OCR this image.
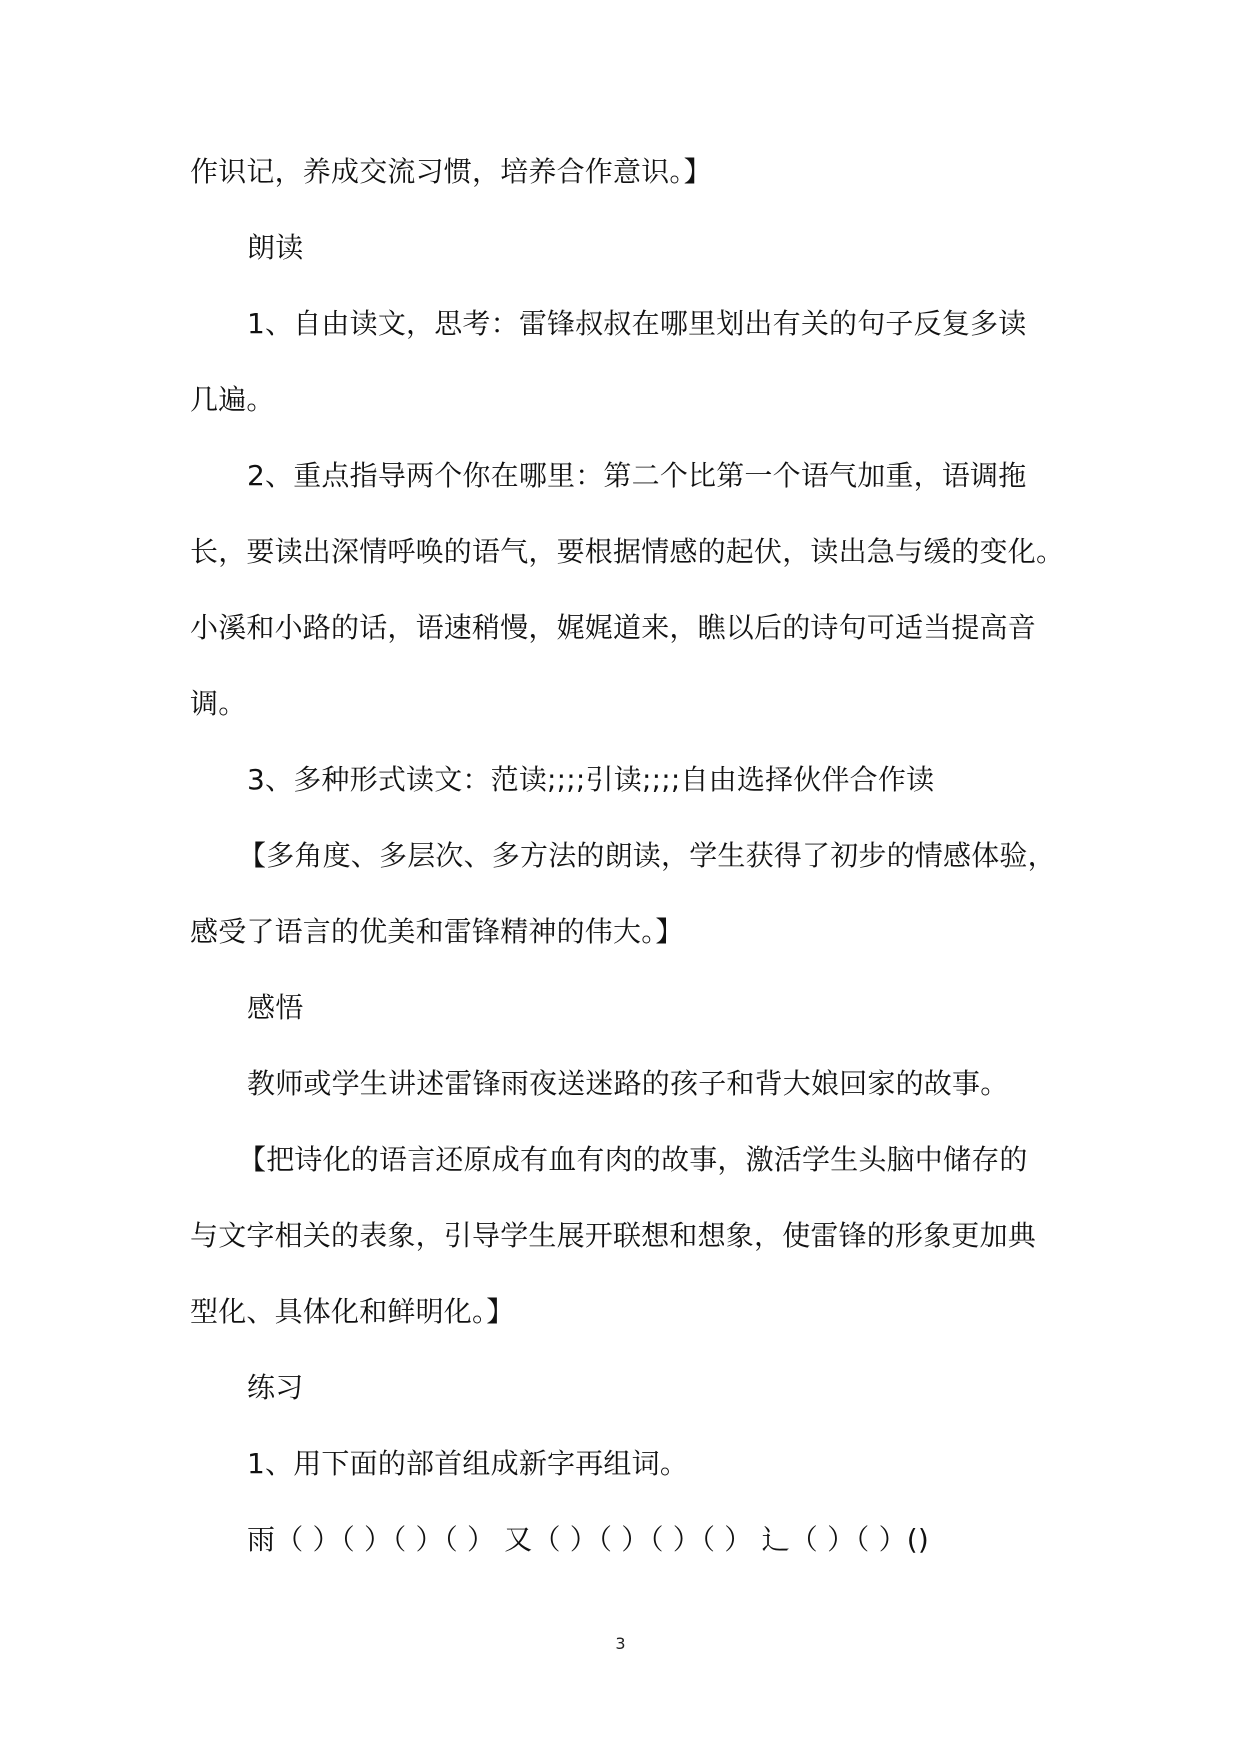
作识记，养成交流习惯，培养合作意识。】
朗读
1、自由读文，思考：雷锋叔叔在哪里划出有关的句子反复多读
几遍。
2、重点指导两个你在哪里：第二个比第一个语气加重，语调拖
长，要读出深情呼唤的语气，要根据情感的起伏，读出急与缓的变化。
小溪和小路的话，语速稍慢，娓娓道来，瞧以后的诗句可适当提高音
调。
3、多种形式读文：范读;;;;引读;;;;自由选择伙伴合作读
【多角度、多层次、多方法的朗读，学生获得了初步的情感体验，
感受了语言的优美和雷锋精神的伟大。】
感悟
教师或学生讲述雷锋雨夜送迷路的孩子和背大娘回家的故事。
【把诗化的语言还原成有血有肉的故事，激活学生头脑中储存的
与文字相关的表象，引导学生展开联想和想象，使雷锋的形象更加典
型化、具体化和鲜明化。】
练习
1、用下面的部首组成新字再组词。
雨（ ）（ ）（ ）（ ） 又（ ）（ ）（ ）（ ） 辶（ ）（ ）()
3
